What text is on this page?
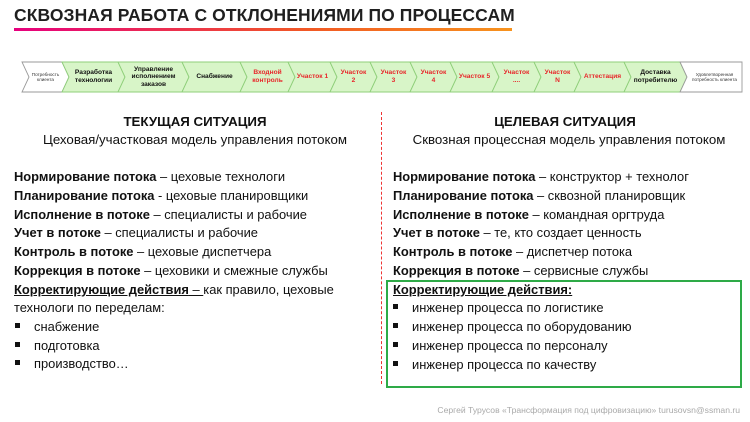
СКВОЗНАЯ РАБОТА С ОТКЛОНЕНИЯМИ ПО ПРОЦЕССАМ
Потребность клиента
Разработка технологии
Управление исполнением заказов
Снабжение
Входной контроль
Участок 1
Участок 2
Участок 3
Участок 4
Участок 5
Участок ....
Участок N
Аттестация
Доставка потребителю
Удовлетворенная потребность клиента
ТЕКУЩАЯ СИТУАЦИЯ
Цеховая/участковая модель управления потоком
Нормирование потока – цеховые технологи
Планирование потока - цеховые планировщики
Исполнение в потоке – специалисты и рабочие
Учет в потоке – специалисты и рабочие
Контроль в потоке – цеховые диспетчера
Коррекция в потоке – цеховики и смежные службы
Корректирующие действия – как правило, цеховые
технологи по переделам:
снабжение
подготовка
производство…
ЦЕЛЕВАЯ СИТУАЦИЯ
Сквозная процессная модель управления потоком
Нормирование потока – конструктор + технолог
Планирование потока – сквозной планировщик
Исполнение в потоке – командная оргтруда
Учет в потоке – те, кто создает ценность
Контроль в потоке – диспетчер потока
Коррекция в потоке – сервисные службы
Корректирующие действия:
инженер процесса по логистике
инженер процесса по оборудованию
инженер процесса по персоналу
инженер процесса по качеству
Сергей Турусов «Трансформация под цифровизацию» turusovsn@ssman.ru
